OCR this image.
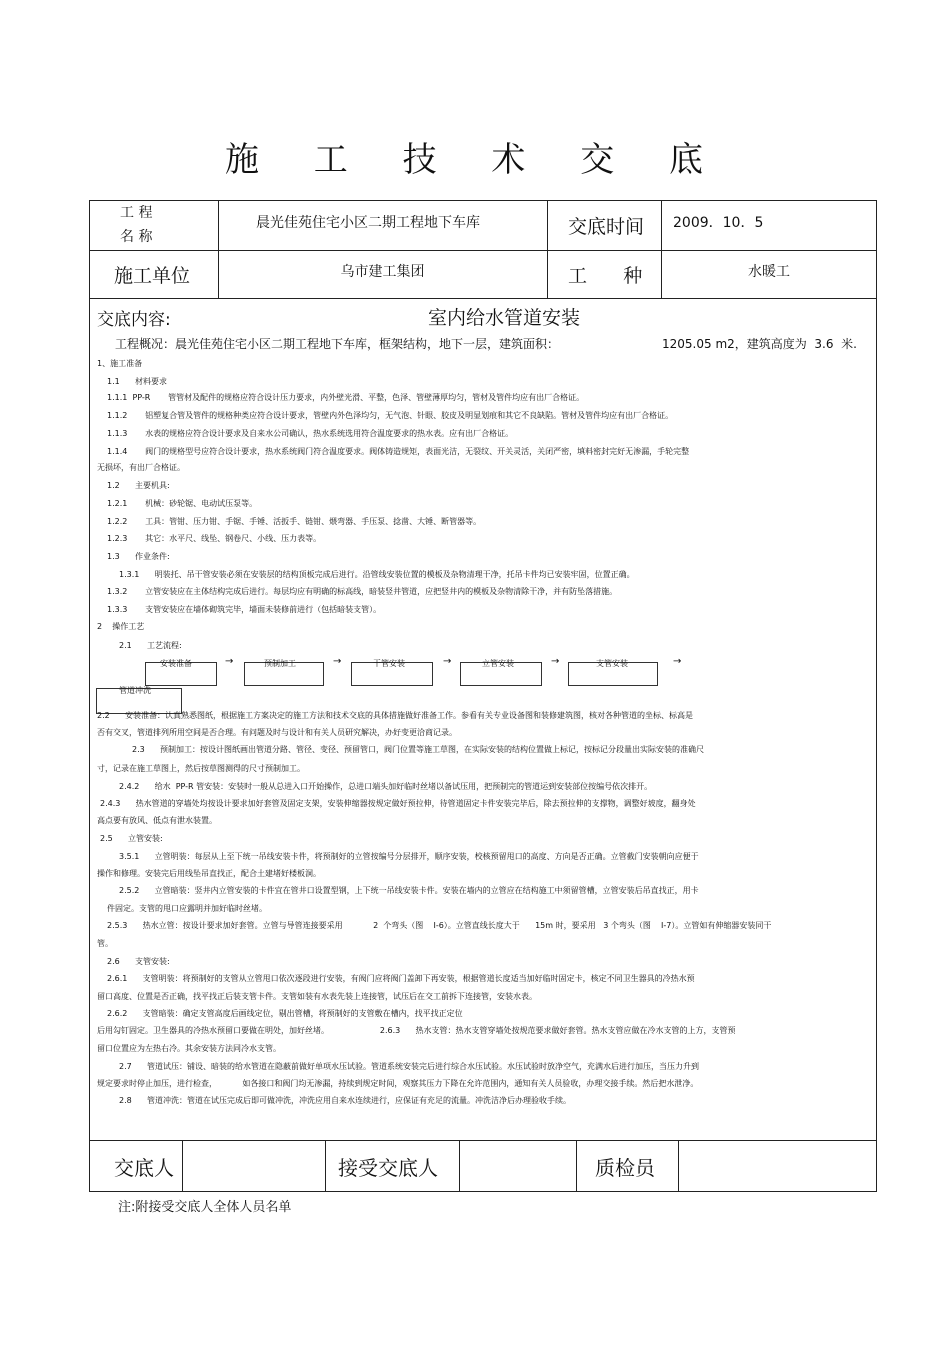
施 工 技 术 交 底
工 程
名 称
晨光佳苑住宅小区二期工程地下车库	交底时间 2009．10．5
施工单位	乌市建工集团	工      种	水暖工
交底内容:	室内给水管道安装
工程概况：晨光佳苑住宅小区二期工程地下车库，框架结构，地下一层，建筑面积：	1205.05 m2，建筑高度为  3.6  米.
1、施工准备
1.1      材料要求
1.1.1  PP-R       管管材及配件的规格应符合设计压力要求，内外壁光滑、平整，色泽、管壁薄厚均匀，管材及管件均应有出厂合格证。
1.1.2       铝塑复合管及管件的规格种类应符合设计要求，管壁内外色泽均匀，无气泡、针眼、胶皮及明显划痕和其它不良缺陷。管材及管件均应有出厂合格证。
1.1.3       水表的规格应符合设计要求及自来水公司确认，热水系统选用符合温度要求的热水表。应有出厂合格证。
1.1.4       阀门的规格型号应符合设计要求，热水系统阀门符合温度要求。阀体铸造规矩，表面光洁，无裂纹、开关灵活，关闭严密，填料密封完好无渗漏，手轮完整
无损坏，有出厂合格证。
1.2      主要机具:
1.2.1       机械：砂轮锯、电动试压泵等。
1.2.2       工具：管钳、压力钳、手锯、手锤、活扳手、链钳、煨弯器、手压泵、捻凿、大锤、断管器等。
1.2.3       其它：水平尺、线坠、钢卷尺、小线、压力表等。
1.3      作业条件:
1.3.1      明装托、吊干管安装必须在安装层的结构顶板完成后进行。沿管线安装位置的模板及杂物清理干净，托吊卡件均已安装牢固，位置正确。
1.3.2       立管安装应在主体结构完成后进行。每层均应有明确的标高线，暗装竖井管道，应把竖井内的模板及杂物清除干净，并有防坠落措施。
1.3.3       支管安装应在墙体砌筑完毕，墙面未装修前进行（包括暗装支管）。
2    操作工艺
2.1      工艺流程:
安装准备	预制加工	干管安装	立管安装	支管安装
管道冲洗
→	→	→	→	→
2.2      安装准备：认真熟悉图纸，根据施工方案决定的施工方法和技术交底的具体措施做好准备工作。参看有关专业设备图和装修建筑图，核对各种管道的坐标、标高是
否有交叉，管道排列所用空间是否合理。有问题及时与设计和有关人员研究解决，办好变更洽商记录。
2.3      预制加工：按设计图纸画出管道分路、管径、变径、预留管口，阀门位置等施工草图，在实际安装的结构位置做上标记，按标记分段量出实际安装的准确尺
寸，记录在施工草图上，然后按草图测得的尺寸预制加工。
2.4.2      给水  PP-R 管安装：安装时一般从总进入口开始操作，总进口端头加好临时丝堵以备试压用，把预制完的管道运到安装部位按编号依次排开。
2.4.3      热水管道的穿墙处均按设计要求加好套管及固定支架，安装伸缩器按规定做好预拉伸，待管道固定卡件安装完毕后，除去预拉伸的支撑物，调整好坡度，翻身处
高点要有放风、低点有泄水装置。
2.5      立管安装:
3.5.1      立管明装：每层从上至下统一吊线安装卡件，将预制好的立管按编号分层排开，顺序安装，校核预留甩口的高度、方向是否正确。立管截门安装朝向应便于
操作和修理。安装完后用线坠吊直找正，配合土建堵好楼板洞。
2.5.2      立管暗装：竖井内立管安装的卡件宜在管井口设置型钢，上下统一吊线安装卡件。安装在墙内的立管应在结构施工中须留管槽，立管安装后吊直找正，用卡
件固定。支管的甩口应露明并加好临时丝堵。
2.5.3      热水立管：按设计要求加好套管。立管与导管连接要采用            2  个弯头（图    I-6）。立管直线长度大于      15m 时，要采用   3 个弯头（图    I-7）。立管如有伸缩器安装同干
管。
2.6      支管安装:
2.6.1      支管明装：将预制好的支管从立管甩口依次逐段进行安装，有阀门应将阀门盖卸下再安装，根据管道长度适当加好临时固定卡，核定不同卫生器具的冷热水预
留口高度、位置是否正确，找平找正后装支管卡件。支管如装有水表先装上连接管，试压后在交工前拆下连接管，安装水表。
2.6.2      支管暗装：确定支管高度后画线定位，剔出管槽，将预制好的支管敷在槽内，找平找正定位
后用勾钉固定。卫生器具的冷热水预留口要做在明处，加好丝堵。                    2.6.3      热水支管：热水支管穿墙处按规范要求做好套管。热水支管应做在冷水支管的上方，支管预
留口位置应为左热右冷。其余安装方法同冷水支管。
2.7      管道试压：铺设、暗装的给水管道在隐蔽前做好单项水压试验。管道系统安装完后进行综合水压试验。水压试验时放净空气，充满水后进行加压，当压力升到
规定要求时停止加压，进行检查，          如各接口和阀门均无渗漏，持续到规定时间，观察其压力下降在允许范围内，通知有关人员验收，办理交接手续。然后把水泄净。
2.8      管道冲洗：管道在试压完成后即可做冲洗，冲洗应用自来水连续进行，应保证有充足的流量。冲洗洁净后办理验收手续。
交底人	接受交底人	质检员
注:附接受交底人全体人员名单
